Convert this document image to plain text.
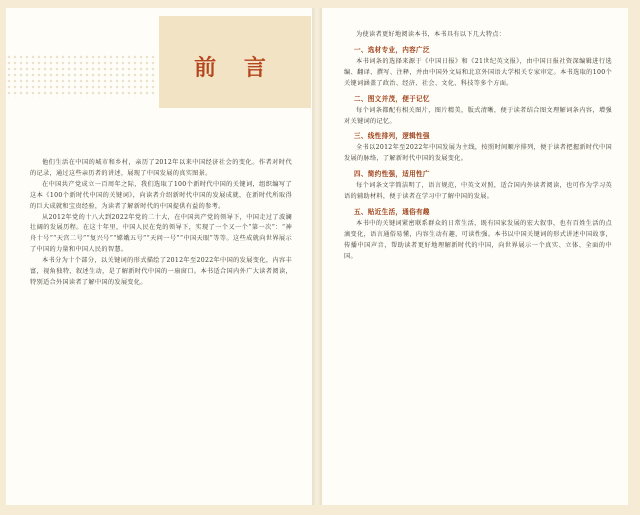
前 言

他们生活在中国的城市和乡村，亲历了2012年以来中国经济社会的变化。作者对时代的记录，通过这些亲历者的讲述，展现了中国发展的真实图景。

在中国共产党成立一百周年之际，我们选取了100个新时代中国的关键词，组织编写了这本《100个新时代中国的关键词》，向读者介绍新时代中国的发展成就，在新时代所取得的巨大成就和宝贵经验，为读者了解新时代的中国提供有益的参考。

从2012年党的十八大到2022年党的二十大，在中国共产党的领导下，中国走过了波澜壮阔的发展历程。在这十年里，中国人民在党的领导下，实现了一个又一个“第一次”：“神舟十号”“天宫二号”“复兴号”“嫦娥五号”“天问一号”“中国天眼”等等。这些成就向世界展示了中国的力量和中国人民的智慧。

本书分为十个部分，以关键词的形式描绘了2012年至2022年中国的发展变化，内容丰富，视角独特，叙述生动，是了解新时代中国的一扇窗口。本书适合国内外广大读者阅读，特别适合外国读者了解中国的发展变化。

为使读者更好地阅读本书，本书具有以下几大特点：

一、选材专业，内容广泛

本书词条的选择来源于《中国日报》和《21世纪英文报》，由中国日报社资深编辑进行选编、翻译、撰写、注释，并由中国外文局和北京外国语大学相关专家审定。本书选取的100个关键词涵盖了政治、经济、社会、文化、科技等多个方面。

二、图文并茂，便于记忆

每个词条都配有相关图片，图片精美，版式清晰，便于读者结合图文理解词条内容，增强对关键词的记忆。

三、线性排列，逻辑性强

全书以2012年至2022年中国发展为主线，按照时间顺序排列，便于读者把握新时代中国发展的脉络，了解新时代中国的发展变化。

四、简约性强，适用性广

每个词条文字简洁明了，语言规范，中英文对照，适合国内外读者阅读，也可作为学习英语的辅助材料，便于读者在学习中了解中国的发展。

五、贴近生活，通俗有趣

本书中的关键词紧密联系群众的日常生活，既有国家发展的宏大叙事，也有百姓生活的点滴变化，语言通俗易懂，内容生动有趣，可读性强。本书以中国关键词的形式讲述中国故事，传播中国声音，帮助读者更好地理解新时代的中国，向世界展示一个真实、立体、全面的中国。
